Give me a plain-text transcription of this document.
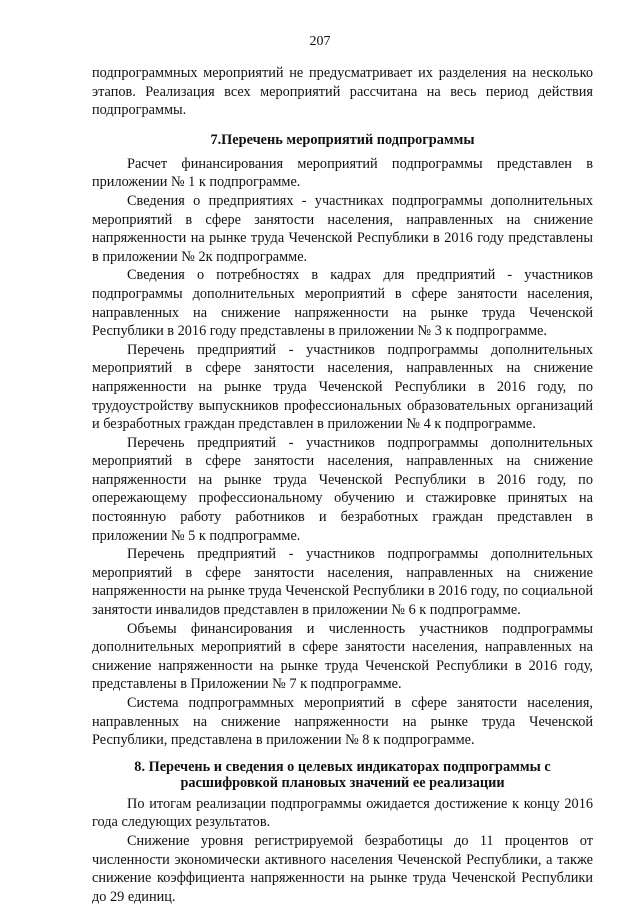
207

подпрограммных мероприятий не предусматривает их разделения на несколько этапов. Реализация всех мероприятий рассчитана на весь период действия подпрограммы.

7.Перечень мероприятий подпрограммы

Расчет финансирования мероприятий подпрограммы представлен в приложении № 1 к подпрограмме.

Сведения о предприятиях - участниках подпрограммы дополнительных мероприятий в сфере занятости населения, направленных на снижение напряженности на рынке труда Чеченской Республики в 2016 году представлены в приложении № 2к подпрограмме.

Сведения о потребностях в кадрах для предприятий - участников подпрограммы дополнительных мероприятий в сфере занятости населения, направленных на снижение напряженности на рынке труда Чеченской Республики в 2016 году представлены в приложении № 3 к подпрограмме.

Перечень предприятий - участников подпрограммы дополнительных мероприятий в сфере занятости населения, направленных на снижение напряженности на рынке труда Чеченской Республики в 2016 году, по трудоустройству выпускников профессиональных образовательных организаций и безработных граждан представлен в приложении № 4 к подпрограмме.

Перечень предприятий - участников подпрограммы дополнительных мероприятий в сфере занятости населения, направленных на снижение напряженности на рынке труда Чеченской Республики в 2016 году, по опережающему профессиональному обучению и стажировке принятых на постоянную работу работников и безработных граждан представлен в приложении № 5 к подпрограмме.

Перечень предприятий - участников подпрограммы дополнительных мероприятий в сфере занятости населения, направленных на снижение напряженности на рынке труда Чеченской Республики в 2016 году, по социальной занятости инвалидов представлен в приложении № 6 к подпрограмме.

Объемы финансирования и численность участников подпрограммы дополнительных мероприятий в сфере занятости населения, направленных на снижение напряженности на рынке труда Чеченской Республики в 2016 году, представлены в Приложении № 7 к подпрограмме.

Система подпрограммных мероприятий в сфере занятости населения, направленных на снижение напряженности на рынке труда Чеченской Республики, представлена в приложении № 8 к подпрограмме.

8. Перечень и сведения о целевых индикаторах подпрограммы с
расшифровкой плановых значений ее реализации

По итогам реализации подпрограммы ожидается достижение к концу 2016 года следующих результатов.

Снижение уровня регистрируемой безработицы до 11 процентов от численности экономически активного населения Чеченской Республики, а также снижение коэффициента напряженности на рынке труда Чеченской Республики до 29 единиц.
